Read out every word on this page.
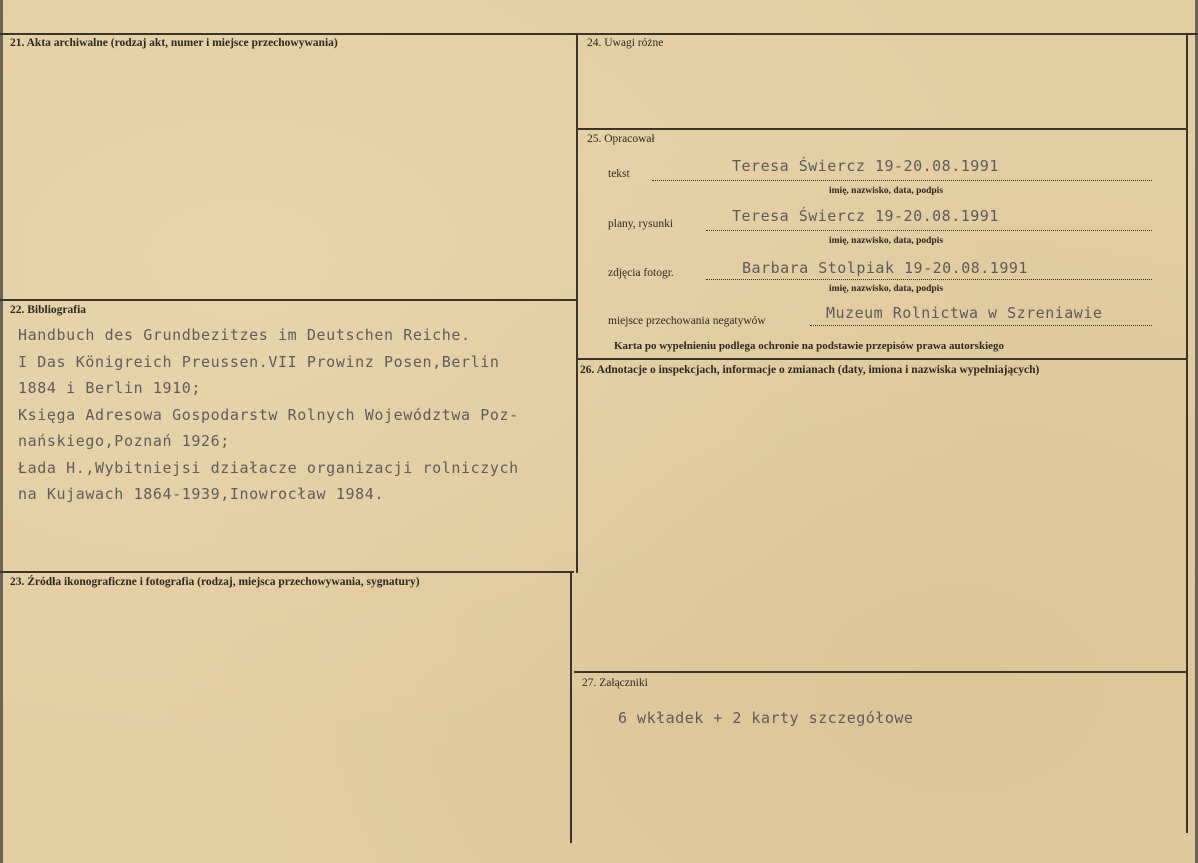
21. Akta archiwalne (rodzaj akt, numer i miejsce przechowywania)
22. Bibliografia
Handbuch des Grundbezitzes im Deutschen Reiche.
I Das Königreich Preussen.VII Prowinz Posen,Berlin
1884 i Berlin 1910;
Księga Adresowa Gospodarstw Rolnych Województwa Poz-
nańskiego,Poznań 1926;
Łada H.,Wybitniejsi działacze organizacji rolniczych
na Kujawach 1864-1939,Inowrocław 1984.
23. Źródła ikonograficzne i fotografia (rodzaj, miejsca przechowywania, sygnatury)
24. Uwagi różne
25. Opracował
tekst	Teresa Świercz 19-20.08.1991
imię, nazwisko, data, podpis
plany, rysunki	Teresa Świercz 19-20.08.1991
imię, nazwisko, data, podpis
zdjęcia fotogr.	Barbara Stolpiak 19-20.08.1991
imię, nazwisko, data, podpis
miejsce przechowania negatywów	Muzeum Rolnictwa w Szreniawie
Karta po wypełnieniu podlega ochronie na podstawie przepisów prawa autorskiego
26. Adnotacje o inspekcjach, informacje o zmianach (daty, imiona i nazwiska wypełniających)
27. Załączniki
6 wkładek + 2 karty szczegółowe
